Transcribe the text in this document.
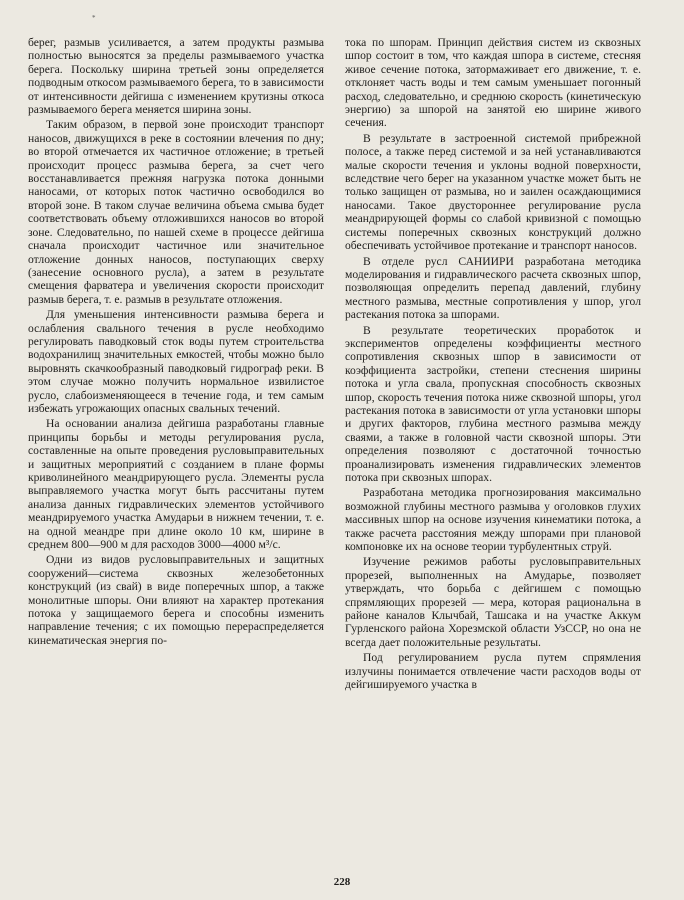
*

берег, размыв усиливается, а затем продукты размыва полностью выносятся за пределы размываемого участка берега. Поскольку ширина третьей зоны определяется подводным откосом размываемого берега, то в зависимости от интенсивности дейгиша с изменением крутизны откоса размываемого берега меняется ширина зоны.

Таким образом, в первой зоне происходит транспорт наносов, движущихся в реке в состоянии влечения по дну; во второй отмечается их частичное отложение; в третьей происходит процесс размыва берега, за счет чего восстанавливается прежняя нагрузка потока донными наносами, от которых поток частично освободился во второй зоне. В таком случае величина объема смыва будет соответствовать объему отложившихся наносов во второй зоне. Следовательно, по нашей схеме в процессе дейгиша сначала происходит частичное или значительное отложение донных наносов, поступающих сверху (занесение основного русла), а затем в результате смещения фарватера и увеличения скорости происходит размыв берега, т. е. размыв в результате отложения.

Для уменьшения интенсивности размыва берега и ослабления свального течения в русле необходимо регулировать паводковый сток воды путем строительства водохранилищ значительных емкостей, чтобы можно было выровнять скачкообразный паводковый гидрограф реки. В этом случае можно получить нормальное извилистое русло, слабоизменяющееся в течение года, и тем самым избежать угрожающих опасных свальных течений.

На основании анализа дейгиша разработаны главные принципы борьбы и методы регулирования русла, составленные на опыте проведения русловыправительных и защитных мероприятий с созданием в плане формы криволинейного меандрирующего русла. Элементы русла выправляемого участка могут быть рассчитаны путем анализа данных гидравлических элементов устойчивого меандрируемого участка Амударьи в нижнем течении, т. е. на одной меандре при длине около 10 км, ширине в среднем 800—900 м для расходов 3000—4000 м³/с.

Одни из видов русловыправительных и защитных сооружений—система сквозных железобетонных конструкций (из свай) в виде поперечных шпор, а также монолитные шпоры. Они влияют на характер протекания потока у защищаемого берега и способны изменить направление течения; с их помощью перераспределяется кинематическая энергия по-

тока по шпорам. Принцип действия систем из сквозных шпор состоит в том, что каждая шпора в системе, стесняя живое сечение потока, затормаживает его движение, т. е. отклоняет часть воды и тем самым уменьшает погонный расход, следовательно, и среднюю скорость (кинетическую энергию) за шпорой на занятой ею ширине живого сечения.

В результате в застроенной системой прибрежной полосе, а также перед системой и за ней устанавливаются малые скорости течения и уклоны водной поверхности, вследствие чего берег на указанном участке может быть не только защищен от размыва, но и заилен осаждающимися наносами. Такое двустороннее регулирование русла меандрирующей формы со слабой кривизной с помощью системы поперечных сквозных конструкций должно обеспечивать устойчивое протекание и транспорт наносов.

В отделе русл САНИИРИ разработана методика моделирования и гидравлического расчета сквозных шпор, позволяющая определить перепад давлений, глубину местного размыва, местные сопротивления у шпор, угол растекания потока за шпорами.

В результате теоретических проработок и экспериментов определены коэффициенты местного сопротивления сквозных шпор в зависимости от коэффициента застройки, степени стеснения ширины потока и угла свала, пропускная способность сквозных шпор, скорость течения потока ниже сквозной шпоры, угол растекания потока в зависимости от угла установки шпоры и других факторов, глубина местного размыва между сваями, а также в головной части сквозной шпоры. Эти определения позволяют с достаточной точностью проанализировать изменения гидравлических элементов потока при сквозных шпорах.

Разработана методика прогнозирования максимально возможной глубины местного размыва у оголовков глухих массивных шпор на основе изучения кинематики потока, а также расчета расстояния между шпорами при плановой компоновке их на основе теории турбулентных струй.

Изучение режимов работы русловыправительных прорезей, выполненных на Амударье, позволяет утверждать, что борьба с дейгишем с помощью спрямляющих прорезей — мера, которая рациональна в районе каналов Клычбай, Ташсака и на участке Аккум Гурленского района Хорезмской области УзССР, но она не всегда дает положительные результаты.

Под регулированием русла путем спрямления излучины понимается отвлечение части расходов воды от дейгишируемого участка в

228
